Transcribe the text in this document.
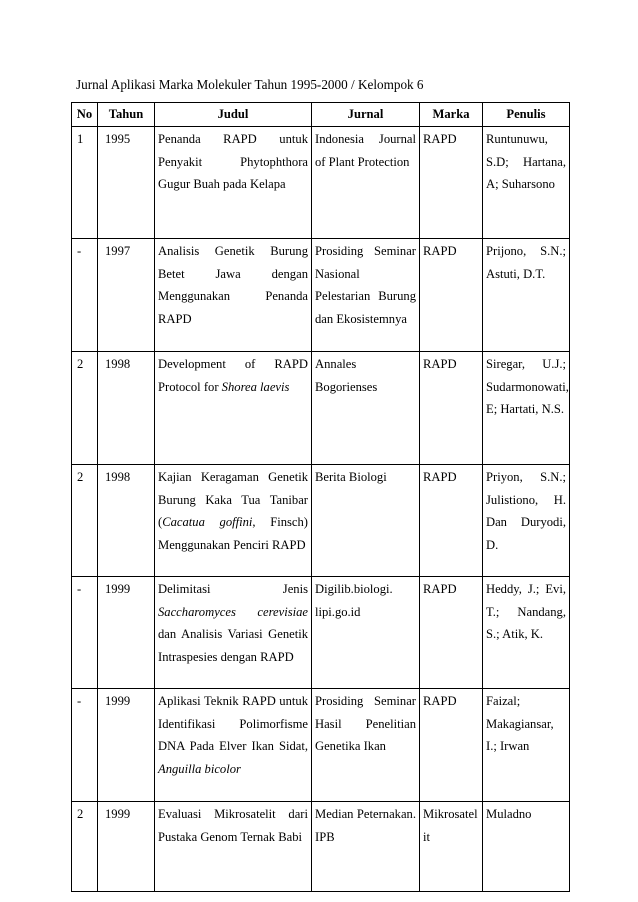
Jurnal Aplikasi Marka Molekuler Tahun 1995-2000 / Kelompok 6
No	Tahun	Judul	Jurnal	Marka	Penulis
1	1995	Penanda RAPD untuk Penyakit Phytophthora Gugur Buah pada Kelapa	Indonesia Journal of Plant Protection	RAPD	Runtunuwu, S.D; Hartana, A; Suharsono
-	1997	Analisis Genetik Burung Betet Jawa dengan Menggunakan Penanda RAPD	Prosiding Seminar Nasional Pelestarian Burung dan Ekosistemnya	RAPD	Prijono, S.N.; Astuti, D.T.
2	1998	Development of RAPD Protocol for Shorea laevis	Annales Bogorienses	RAPD	Siregar, U.J.; Sudarmonowati, E; Hartati, N.S.
2	1998	Kajian Keragaman Genetik Burung Kaka Tua Tanibar (Cacatua goffini, Finsch) Menggunakan Penciri RAPD	Berita Biologi	RAPD	Priyon, S.N.; Julistiono, H. Dan Duryodi, D.
-	1999	Delimitasi Jenis Saccharomyces cerevisiae dan Analisis Variasi Genetik Intraspesies dengan RAPD	Digilib.biologi. lipi.go.id	RAPD	Heddy, J.; Evi, T.; Nandang, S.; Atik, K.
-	1999	Aplikasi Teknik RAPD untuk Identifikasi Polimorfisme DNA Pada Elver Ikan Sidat, Anguilla bicolor	Prosiding Seminar Hasil Penelitian Genetika Ikan	RAPD	Faizal; Makagiansar, I.; Irwan
2	1999	Evaluasi Mikrosatelit dari Pustaka Genom Ternak Babi	Median Peternakan. IPB	Mikrosatelit	Muladno
